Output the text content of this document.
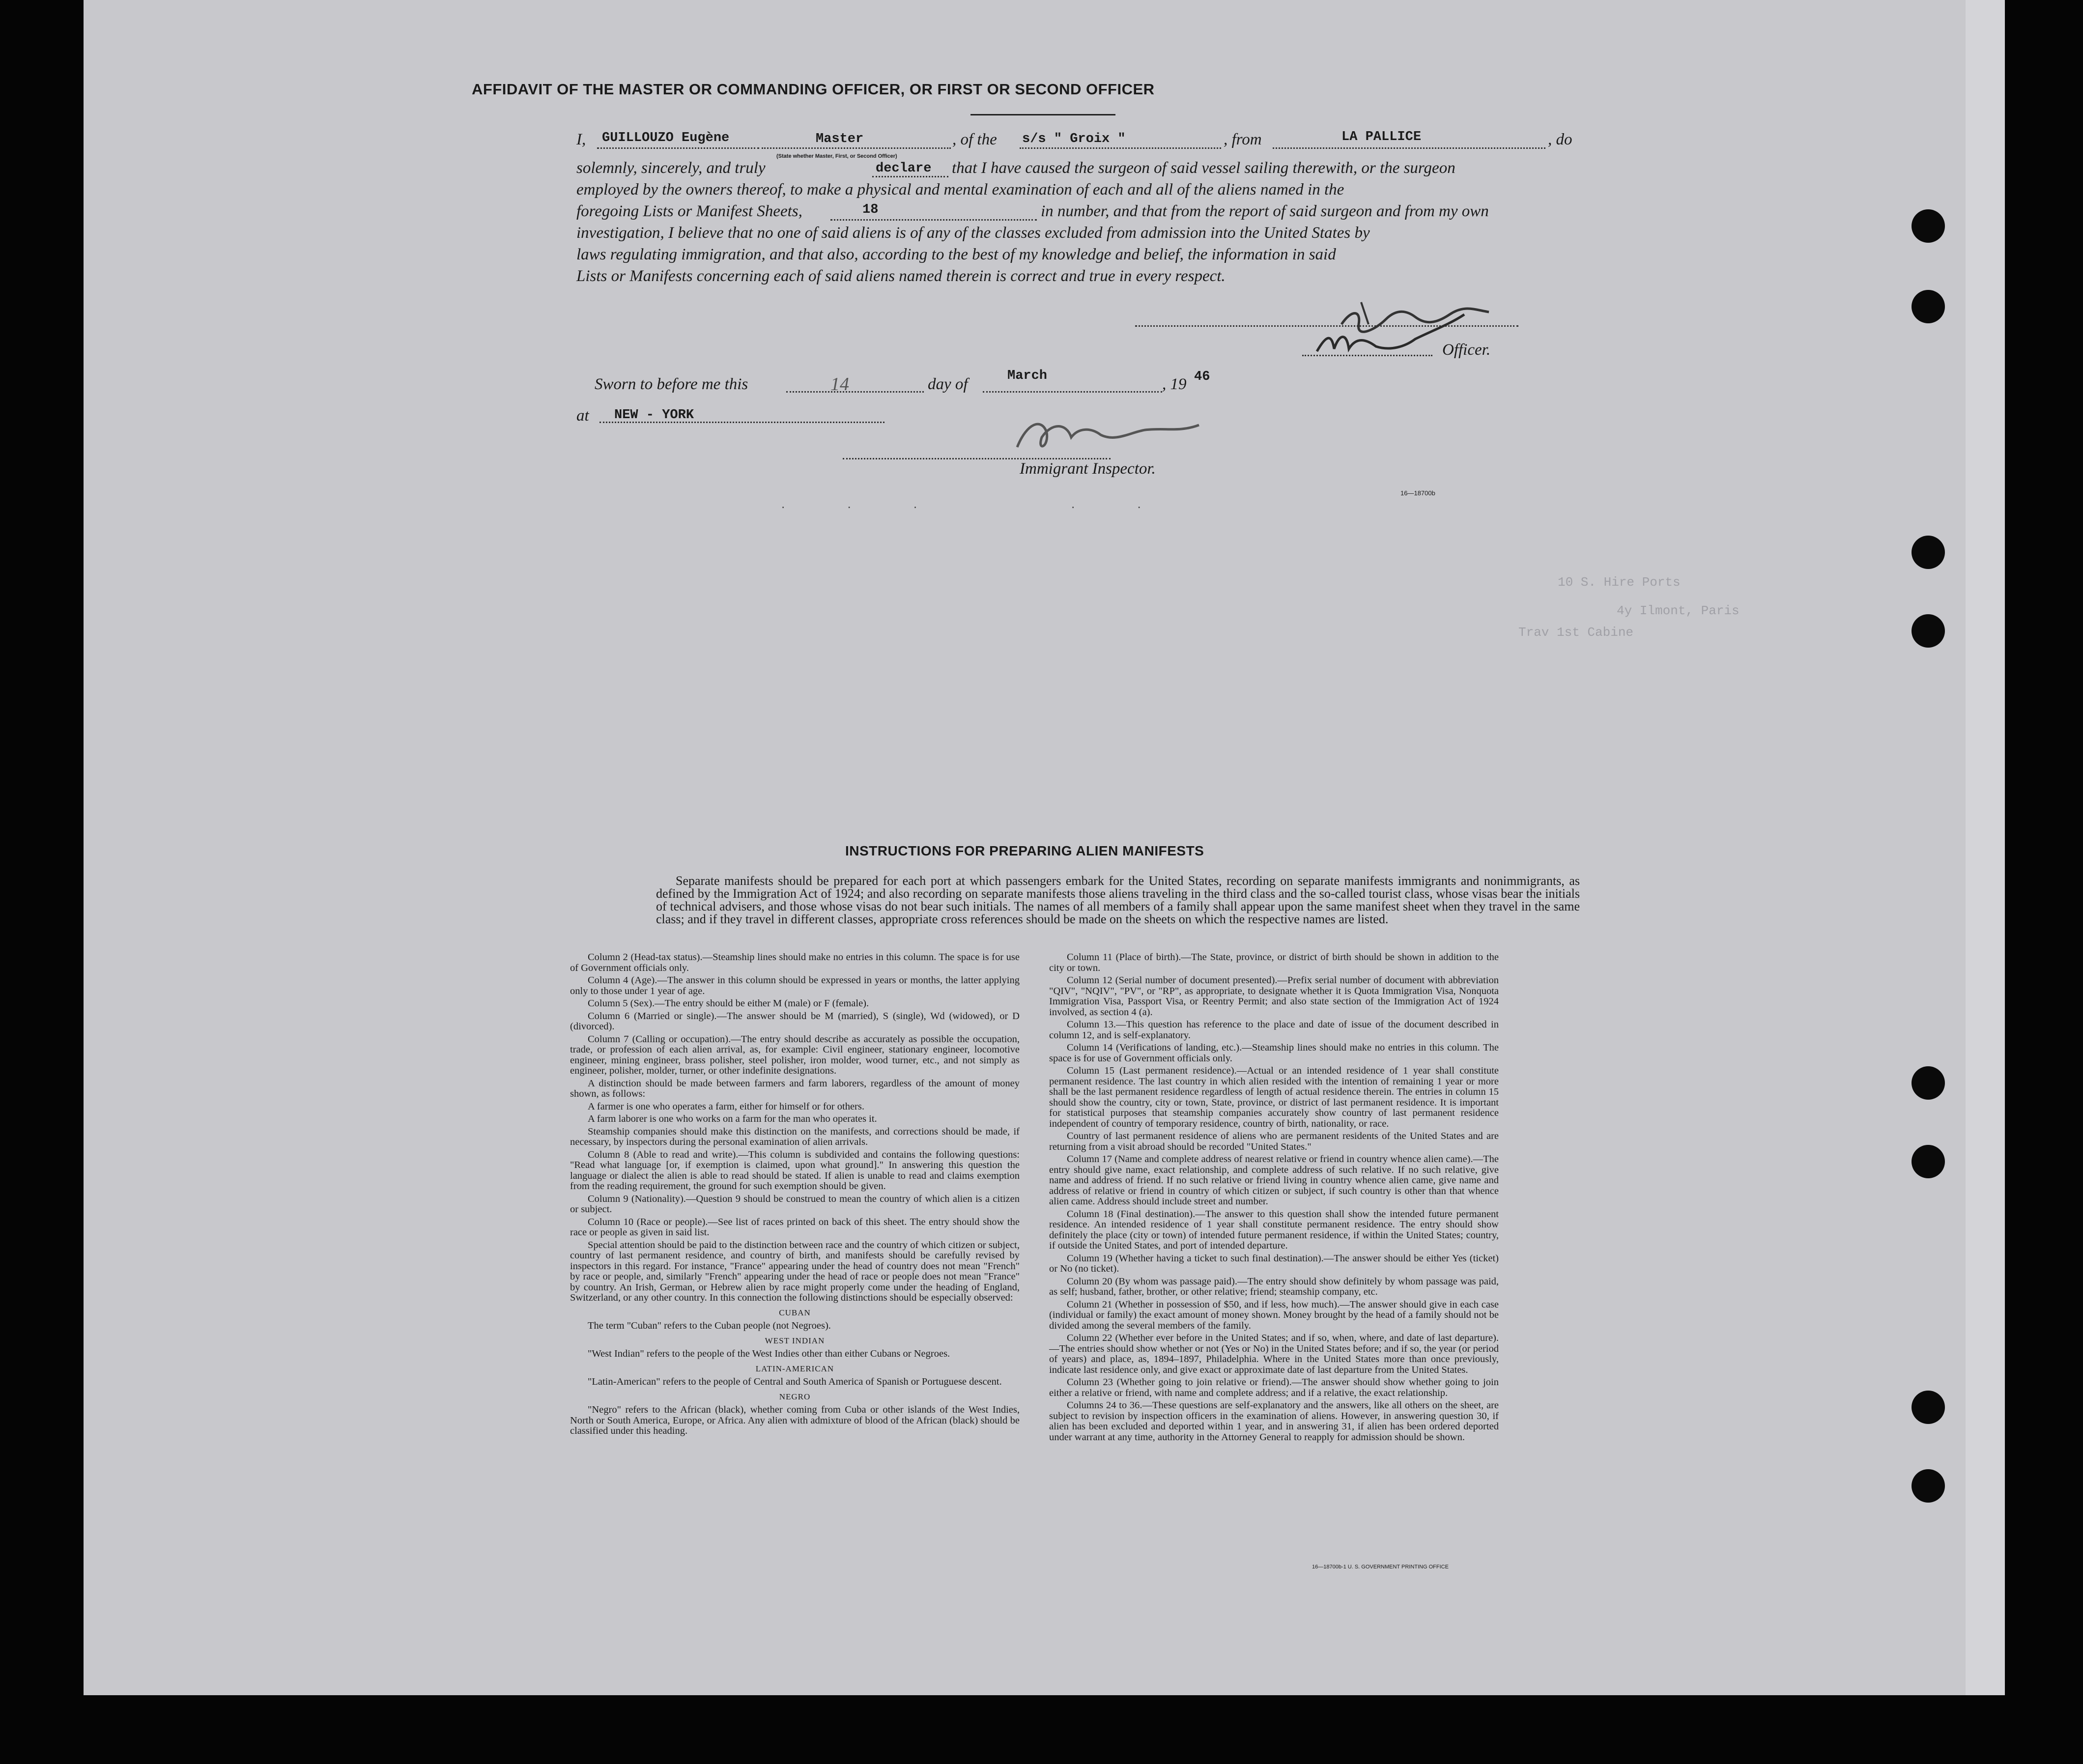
10 S. Hire Ports
4y Ilmont, Paris
Trav 1st Cabine
AFFIDAVIT OF THE MASTER OR COMMANDING OFFICER, OR FIRST OR SECOND OFFICER
I, GUILLOUZO Eugène	Master	, of the s/s " Groix "	, from	LA PALLICE	, do
(State whether Master, First, or Second Officer)
solemnly, sincerely, and truly	declare that I have caused the surgeon of said vessel sailing therewith, or the surgeon
employed by the owners thereof, to make a physical and mental examination of each and all of the aliens named in the
foregoing Lists or Manifest Sheets,	18	in number, and that from the report of said surgeon and from my own
investigation, I believe that no one of said aliens is of any of the classes excluded from admission into the United States by
laws regulating immigration, and that also, according to the best of my knowledge and belief, the information in said
Lists or Manifests concerning each of said aliens named therein is correct and true in every respect.
Officer.
Sworn to before me this	14	day of	March	, 19 46
at NEW - YORK
Immigrant Inspector.
16—18700b
. . .	. .
INSTRUCTIONS FOR PREPARING ALIEN MANIFESTS

Separate manifests should be prepared for each port at which passengers embark for the United States, recording on separate manifests immigrants and nonimmigrants, as defined by the Immigration Act of 1924; and also recording on separate manifests those aliens traveling in the third class and the so-called tourist class, whose visas bear the initials of technical advisers, and those whose visas do not bear such initials. The names of all members of a family shall appear upon the same manifest sheet when they travel in the same class; and if they travel in different classes, appropriate cross references should be made on the sheets on which the respective names are listed.

Column 2 (Head-tax status).—Steamship lines should make no entries in this column. The space is for use of Government officials only.

Column 4 (Age).—The answer in this column should be expressed in years or months, the latter applying only to those under 1 year of age.

Column 5 (Sex).—The entry should be either M (male) or F (female).

Column 6 (Married or single).—The answer should be M (married), S (single), Wd (widowed), or D (divorced).

Column 7 (Calling or occupation).—The entry should describe as accurately as possible the occupation, trade, or profession of each alien arrival, as, for example: Civil engineer, stationary engineer, locomotive engineer, mining engineer, brass polisher, steel polisher, iron molder, wood turner, etc., and not simply as engineer, polisher, molder, turner, or other indefinite designations.

A distinction should be made between farmers and farm laborers, regardless of the amount of money shown, as follows:

A farmer is one who operates a farm, either for himself or for others.

A farm laborer is one who works on a farm for the man who operates it.

Steamship companies should make this distinction on the manifests, and corrections should be made, if necessary, by inspectors during the personal examination of alien arrivals.

Column 8 (Able to read and write).—This column is subdivided and contains the following questions: "Read what language [or, if exemption is claimed, upon what ground]." In answering this question the language or dialect the alien is able to read should be stated. If alien is unable to read and claims exemption from the reading requirement, the ground for such exemption should be given.

Column 9 (Nationality).—Question 9 should be construed to mean the country of which alien is a citizen or subject.

Column 10 (Race or people).—See list of races printed on back of this sheet. The entry should show the race or people as given in said list.

Special attention should be paid to the distinction between race and the country of which citizen or subject, country of last permanent residence, and country of birth, and manifests should be carefully revised by inspectors in this regard. For instance, "France" appearing under the head of country does not mean "French" by race or people, and, similarly "French" appearing under the head of race or people does not mean "France" by country. An Irish, German, or Hebrew alien by race might properly come under the heading of England, Switzerland, or any other country. In this connection the following distinctions should be especially observed:

CUBAN

The term "Cuban" refers to the Cuban people (not Negroes).

WEST INDIAN

"West Indian" refers to the people of the West Indies other than either Cubans or Negroes.

LATIN-AMERICAN

"Latin-American" refers to the people of Central and South America of Spanish or Portuguese descent.

NEGRO

"Negro" refers to the African (black), whether coming from Cuba or other islands of the West Indies, North or South America, Europe, or Africa. Any alien with admixture of blood of the African (black) should be classified under this heading.

Column 11 (Place of birth).—The State, province, or district of birth should be shown in addition to the city or town.

Column 12 (Serial number of document presented).—Prefix serial number of document with abbreviation "QIV", "NQIV", "PV", or "RP", as appropriate, to designate whether it is Quota Immigration Visa, Nonquota Immigration Visa, Passport Visa, or Reentry Permit; and also state section of the Immigration Act of 1924 involved, as section 4 (a).

Column 13.—This question has reference to the place and date of issue of the document described in column 12, and is self-explanatory.

Column 14 (Verifications of landing, etc.).—Steamship lines should make no entries in this column. The space is for use of Government officials only.

Column 15 (Last permanent residence).—Actual or an intended residence of 1 year shall constitute permanent residence. The last country in which alien resided with the intention of remaining 1 year or more shall be the last permanent residence regardless of length of actual residence therein. The entries in column 15 should show the country, city or town, State, province, or district of last permanent residence. It is important for statistical purposes that steamship companies accurately show country of last permanent residence independent of country of temporary residence, country of birth, nationality, or race.

Country of last permanent residence of aliens who are permanent residents of the United States and are returning from a visit abroad should be recorded "United States."

Column 17 (Name and complete address of nearest relative or friend in country whence alien came).—The entry should give name, exact relationship, and complete address of such relative. If no such relative, give name and address of friend. If no such relative or friend living in country whence alien came, give name and address of relative or friend in country of which citizen or subject, if such country is other than that whence alien came. Address should include street and number.

Column 18 (Final destination).—The answer to this question shall show the intended future permanent residence. An intended residence of 1 year shall constitute permanent residence. The entry should show definitely the place (city or town) of intended future permanent residence, if within the United States; country, if outside the United States, and port of intended departure.

Column 19 (Whether having a ticket to such final destination).—The answer should be either Yes (ticket) or No (no ticket).

Column 20 (By whom was passage paid).—The entry should show definitely by whom passage was paid, as self; husband, father, brother, or other relative; friend; steamship company, etc.

Column 21 (Whether in possession of $50, and if less, how much).—The answer should give in each case (individual or family) the exact amount of money shown. Money brought by the head of a family should not be divided among the several members of the family.

Column 22 (Whether ever before in the United States; and if so, when, where, and date of last departure).—The entries should show whether or not (Yes or No) in the United States before; and if so, the year (or period of years) and place, as, 1894–1897, Philadelphia. Where in the United States more than once previously, indicate last residence only, and give exact or approximate date of last departure from the United States.

Column 23 (Whether going to join relative or friend).—The answer should show whether going to join either a relative or friend, with name and complete address; and if a relative, the exact relationship.

Columns 24 to 36.—These questions are self-explanatory and the answers, like all others on the sheet, are subject to revision by inspection officers in the examination of aliens. However, in answering question 30, if alien has been excluded and deported within 1 year, and in answering 31, if alien has been ordered deported under warrant at any time, authority in the Attorney General to reapply for admission should be shown.

16—18700b-1 U. S. GOVERNMENT PRINTING OFFICE
